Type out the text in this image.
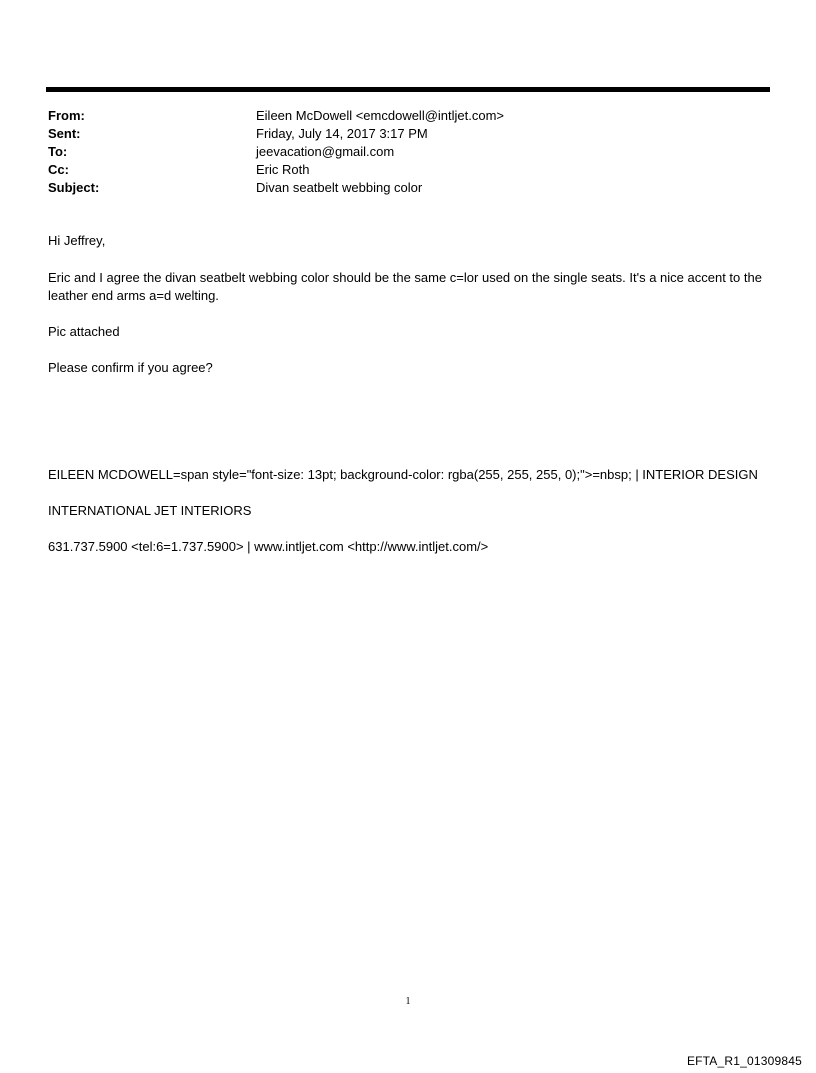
From:	Eileen McDowell <emcdowell@intljet.com>
Sent:	Friday, July 14, 2017 3:17 PM
To:	jeevacation@gmail.com
Cc:	Eric Roth
Subject:	Divan seatbelt webbing color

Hi Jeffrey,

Eric and I agree the divan seatbelt webbing color should be the same c=lor used on the single seats. It's a nice accent to the leather end arms a=d welting.

Pic attached

Please confirm if you agree?

EILEEN MCDOWELL=span style="font-size: 13pt; background-color: rgba(255, 255, 255, 0);">=nbsp; | INTERIOR DESIGN

INTERNATIONAL JET INTERIORS

631.737.5900 <tel:6=1.737.5900> | www.intljet.com <http://www.intljet.com/>

1
EFTA_R1_01309845
